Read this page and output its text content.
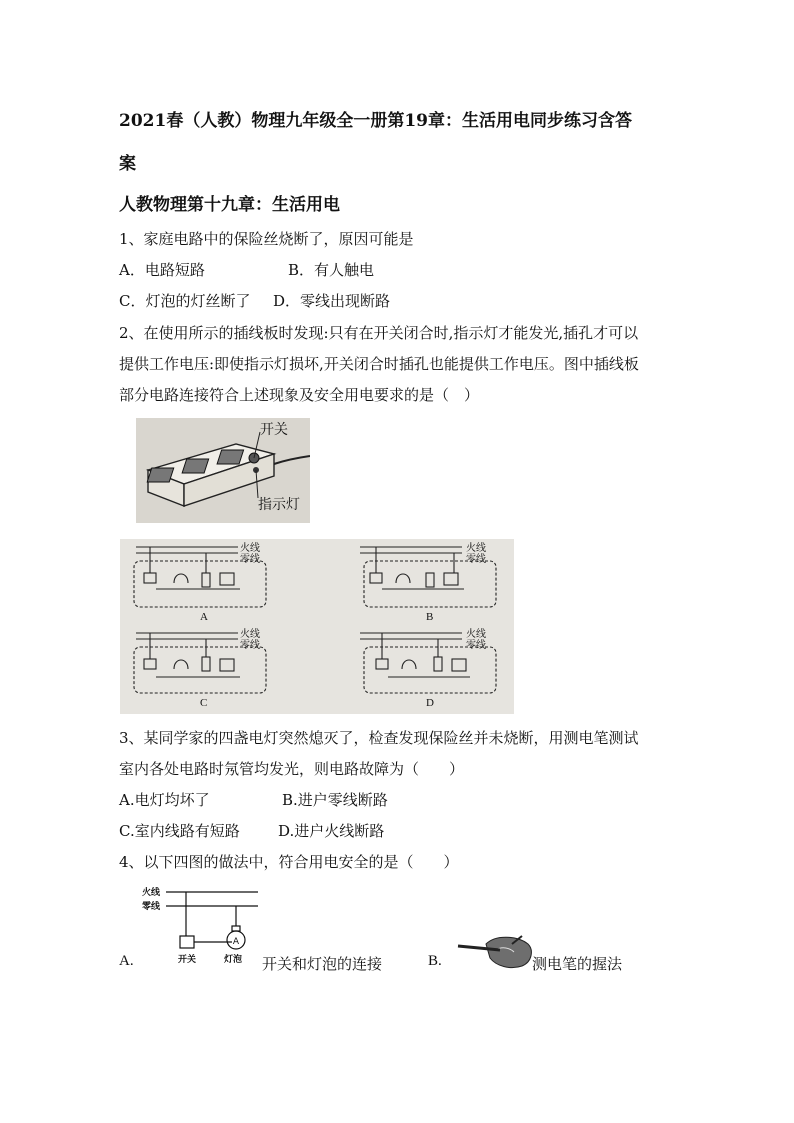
2021春（人教）物理九年级全一册第19章：生活用电同步练习含答
案
人教物理第十九章：生活用电
1、家庭电路中的保险丝烧断了，原因可能是
A．电路短路	B．有人触电
C．灯泡的灯丝断了 D．零线出现断路
2、在使用所示的插线板时发现:只有在开关闭合时,指示灯才能发光,插孔才可以
提供工作电压:即使指示灯损坏,开关闭合时插孔也能提供工作电压。图中插线板
部分电路连接符合上述现象及安全用电要求的是（　）
开关
指示灯
火线
零线
火线
零线
火线
零线
火线
零线
A	B
C	D
3、某同学家的四盏电灯突然熄灭了，检查发现保险丝并未烧断，用测电笔测试
室内各处电路时氖管均发光，则电路故障为（　　）
A.电灯均坏了	B.进户零线断路
C.室内线路有短路	D.进户火线断路
4、以下四图的做法中，符合用电安全的是（　　）
A
火线
零线
开关	灯泡
A.	开关和灯泡的连接	B.	测电笔的握法
